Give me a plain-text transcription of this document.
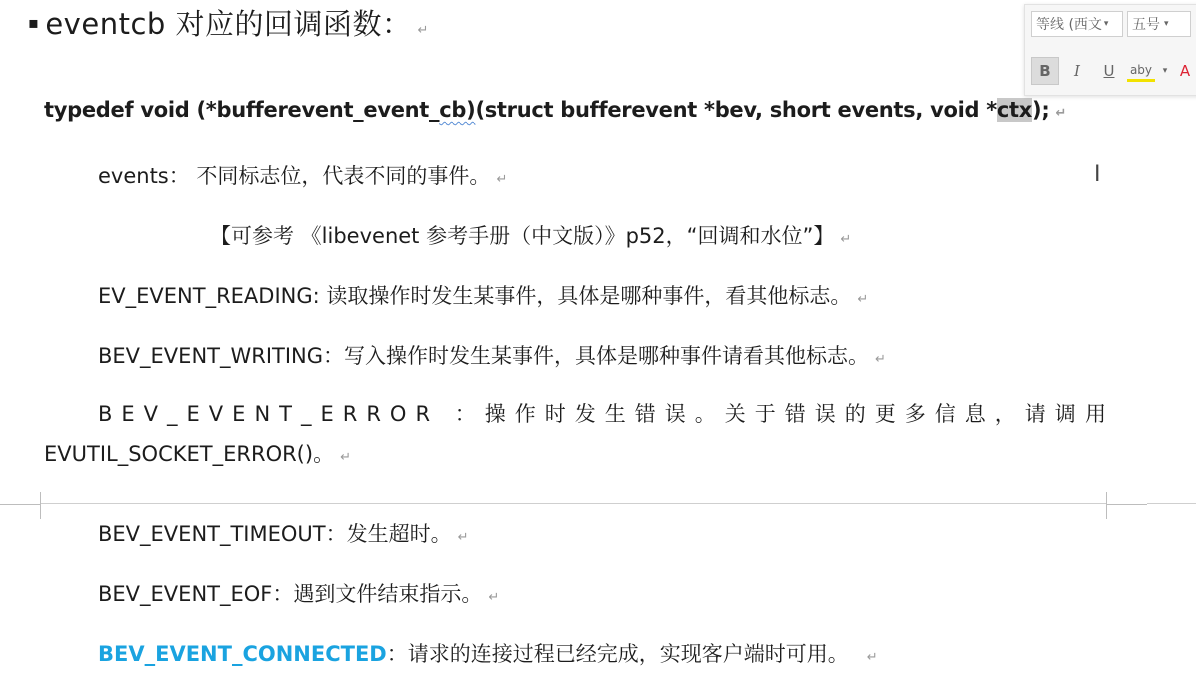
▪ eventcb 对应的回调函数： ↵
typedef void (*bufferevent_event_cb)(struct bufferevent *bev, short events, void *ctx); ↵
events： 不同标志位，代表不同的事件。 ↵
【可参考 《libevenet 参考手册（中文版）》p52，“回调和水位”】 ↵
EV_EVENT_READING: 读取操作时发生某事件，具体是哪种事件，看其他标志。 ↵
BEV_EVENT_WRITING：写入操作时发生某事件，具体是哪种事件请看其他标志。 ↵
BEV_EVENT_ERROR ：操作时发生错误。关于错误的更多信息，请调 用
EVUTIL_SOCKET_ERROR()。 ↵
BEV_EVENT_TIMEOUT：发生超时。 ↵
BEV_EVENT_EOF：遇到文件结束指示。 ↵
BEV_EVENT_CONNECTED：请求的连接过程已经完成，实现客户端时可用。 ↵
等线 (西文 ▾ 五号 ▾
B	I	U	aby	▾ A
I
